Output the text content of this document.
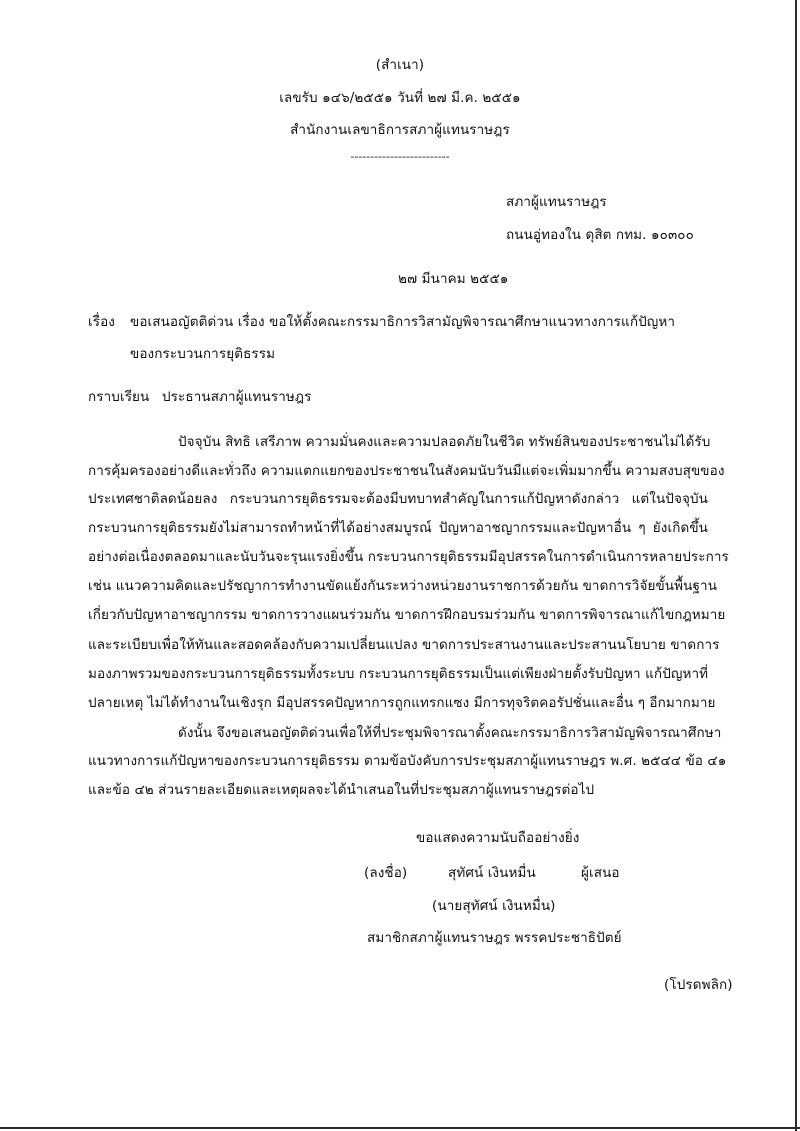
(สำเนา)
เลขรับ ๑๔๖/๒๕๕๑ วันที่ ๒๗ มี.ค. ๒๕๕๑
สำนักงานเลขาธิการสภาผู้แทนราษฎร
-------------------------
สภาผู้แทนราษฎร
ถนนอู่ทองใน ดุสิต กทม. ๑๐๓๐๐
๒๗ มีนาคม ๒๕๕๑
เรื่อง ขอเสนอญัตติด่วน เรื่อง ขอให้ตั้งคณะกรรมาธิการวิสามัญพิจารณาศึกษาแนวทางการแก้ปัญหา
ของกระบวนการยุติธรรม
กราบเรียน ประธานสภาผู้แทนราษฎร
ปัจจุบัน สิทธิ เสรีภาพ ความมั่นคงและความปลอดภัยในชีวิต ทรัพย์สินของประชาชนไม่ได้รับ
การคุ้มครองอย่างดีและทั่วถึง ความแตกแยกของประชาชนในสังคมนับวันมีแต่จะเพิ่มมากขึ้น ความสงบสุขของ
ประเทศชาติลดน้อยลง กระบวนการยุติธรรมจะต้องมีบทบาทสำคัญในการแก้ปัญหาดังกล่าว แต่ในปัจจุบัน
กระบวนการยุติธรรมยังไม่สามารถทำหน้าที่ได้อย่างสมบูรณ์ ปัญหาอาชญากรรมและปัญหาอื่น ๆ ยังเกิดขึ้น
อย่างต่อเนื่องตลอดมาและนับวันจะรุนแรงยิ่งขึ้น กระบวนการยุติธรรมมีอุปสรรคในการดำเนินการหลายประการ
เช่น แนวความคิดและปรัชญาการทำงานขัดแย้งกันระหว่างหน่วยงานราชการด้วยกัน ขาดการวิจัยขั้นพื้นฐาน
เกี่ยวกับปัญหาอาชญากรรม ขาดการวางแผนร่วมกัน ขาดการฝึกอบรมร่วมกัน ขาดการพิจารณาแก้ไขกฎหมาย
และระเบียบเพื่อให้ทันและสอดคล้องกับความเปลี่ยนแปลง ขาดการประสานงานและประสานนโยบาย ขาดการ
มองภาพรวมของกระบวนการยุติธรรมทั้งระบบ กระบวนการยุติธรรมเป็นแต่เพียงฝ่ายตั้งรับปัญหา แก้ปัญหาที่
ปลายเหตุ ไม่ได้ทำงานในเชิงรุก มีอุปสรรคปัญหาการถูกแทรกแซง มีการทุจริตคอรัปชั่นและอื่น ๆ อีกมากมาย
ดังนั้น จึงขอเสนอญัตติด่วนเพื่อให้ที่ประชุมพิจารณาตั้งคณะกรรมาธิการวิสามัญพิจารณาศึกษา
แนวทางการแก้ปัญหาของกระบวนการยุติธรรม ตามข้อบังคับการประชุมสภาผู้แทนราษฎร พ.ศ. ๒๕๔๔ ข้อ ๔๑
และข้อ ๔๒ ส่วนรายละเอียดและเหตุผลจะได้นำเสนอในที่ประชุมสภาผู้แทนราษฎรต่อไป
ขอแสดงความนับถืออย่างยิ่ง
(ลงชื่อ)	สุทัศน์ เงินหมื่น	ผู้เสนอ
(นายสุทัศน์ เงินหมื่น)
สมาชิกสภาผู้แทนราษฎร พรรคประชาธิปัตย์
(โปรดพลิก)
